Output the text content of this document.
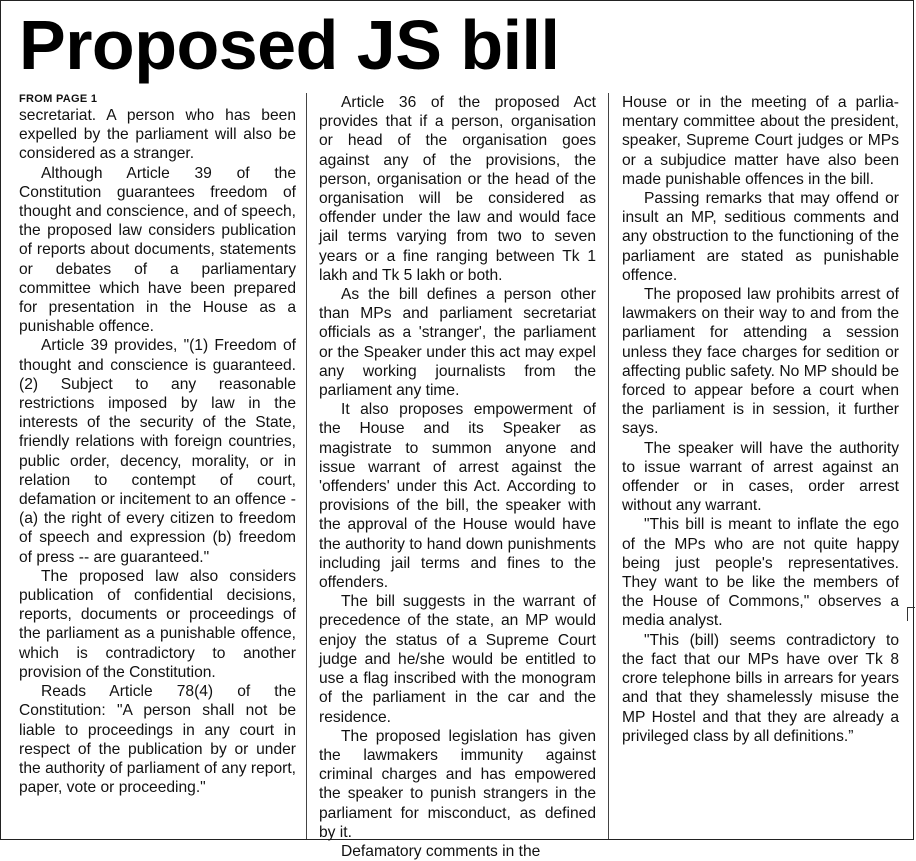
Proposed JS bill

FROM PAGE 1

secretariat. A person who has been expelled by the parliament will also be considered as a stranger.

Although Article 39 of the Constitution guarantees freedom of thought and conscience, and of speech, the proposed law considers publication of reports about documents, statements or debates of a parliamentary committee which have been prepared for presentation in the House as a punishable offence.

Article 39 provides, "(1) Freedom of thought and conscience is guaranteed. (2) Subject to any reasonable restrictions imposed by law in the interests of the security of the State, friendly relations with foreign countries, public order, decency, morality, or in relation to contempt of court, defamation or incitement to an offence - (a) the right of every citizen to freedom of speech and expression (b) freedom of press -- are guaranteed."

The proposed law also considers publication of confidential decisions, reports, documents or proceedings of the parliament as a punishable offence, which is contradictory to another provision of the Constitution.

Reads Article 78(4) of the Constitution: "A person shall not be liable to proceedings in any court in respect of the publication by or under the authority of parliament of any report, paper, vote or proceeding."

Article 36 of the proposed Act provides that if a person, organisation or head of the organisation goes against any of the provisions, the person, organisation or the head of the organisation will be considered as offender under the law and would face jail terms varying from two to seven years or a fine ranging between Tk 1 lakh and Tk 5 lakh or both.

As the bill defines a person other than MPs and parliament secretariat officials as a 'stranger', the parliament or the Speaker under this act may expel any working journalists from the parliament any time.

It also proposes empowerment of the House and its Speaker as magistrate to summon anyone and issue warrant of arrest against the 'offenders' under this Act. According to provisions of the bill, the speaker with the approval of the House would have the authority to hand down punishments including jail terms and fines to the offenders.

The bill suggests in the warrant of precedence of the state, an MP would enjoy the status of a Supreme Court judge and he/she would be entitled to use a flag inscribed with the monogram of the parliament in the car and the residence.

The proposed legislation has given the lawmakers immunity against criminal charges and has empowered the speaker to punish strangers in the parliament for misconduct, as defined by it.

Defamatory comments in the

House or in the meeting of a parliamentary committee about the president, speaker, Supreme Court judges or MPs or a subjudice matter have also been made punishable offences in the bill.

Passing remarks that may offend or insult an MP, seditious comments and any obstruction to the functioning of the parliament are stated as punishable offence.

The proposed law prohibits arrest of lawmakers on their way to and from the parliament for attending a session unless they face charges for sedition or affecting public safety. No MP should be forced to appear before a court when the parliament is in session, it further says.

The speaker will have the authority to issue warrant of arrest against an offender or in cases, order arrest without any warrant.

"This bill is meant to inflate the ego of the MPs who are not quite happy being just people's representatives. They want to be like the members of the House of Commons," observes a media analyst.

"This (bill) seems contradictory to the fact that our MPs have over Tk 8 crore telephone bills in arrears for years and that they shamelessly misuse the MP Hostel and that they are already a privileged class by all definitions.”
